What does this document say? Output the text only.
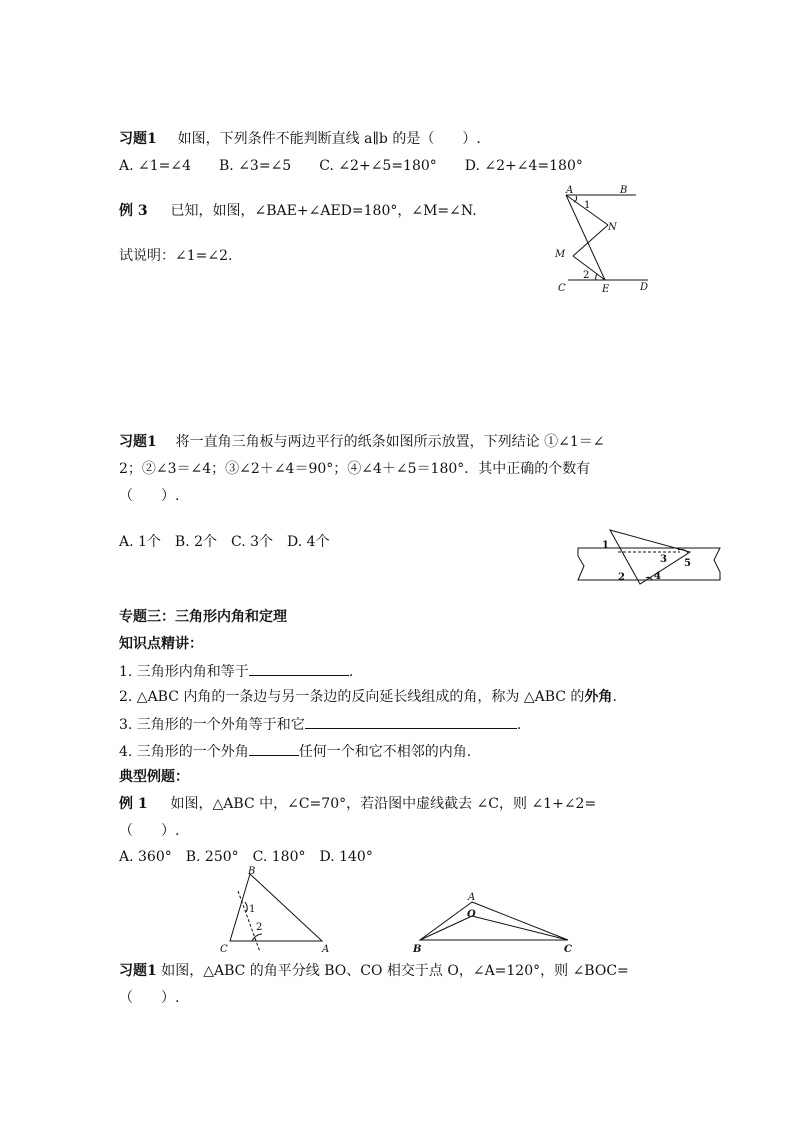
习题1 如图，下列条件不能判断直线 a∥b 的是（　　）.
A. ∠1=∠4　　B. ∠3=∠5　　C. ∠2+∠5=180°　　D. ∠2+∠4=180°
例 3 已知，如图，∠BAE+∠AED=180°，∠M=∠N.
试说明：∠1=∠2.
A	B
1
N
M
2
C	E	D
习题1 将一直角三角板与两边平行的纸条如图所示放置，下列结论 ①∠1＝∠
2；②∠3＝∠4；③∠2＋∠4＝90°；④∠4＋∠5＝180°．其中正确的个数有
（　　）.
A. 1个　B. 2个　C. 3个　D. 4个	1
2
3
4
5
专题三：三角形内角和定理
知识点精讲：
1. 三角形内角和等于	.
2. △ABC 内角的一条边与另一条边的反向延长线组成的角，称为 △ABC 的外角.
3. 三角形的一个外角等于和它	.
4. 三角形的一个外角	任何一个和它不相邻的内角.
典型例题：
例 1 如图，△ABC 中，∠C=70°，若沿图中虚线截去 ∠C，则 ∠1+∠2=
（　　）.
A. 360°　B. 250°　C. 180°　D. 140°
B
1
2
C	A
A
O
B	C
习题1 如图，△ABC 的角平分线 BO、CO 相交于点 O，∠A=120°，则 ∠BOC=
（　　）.
